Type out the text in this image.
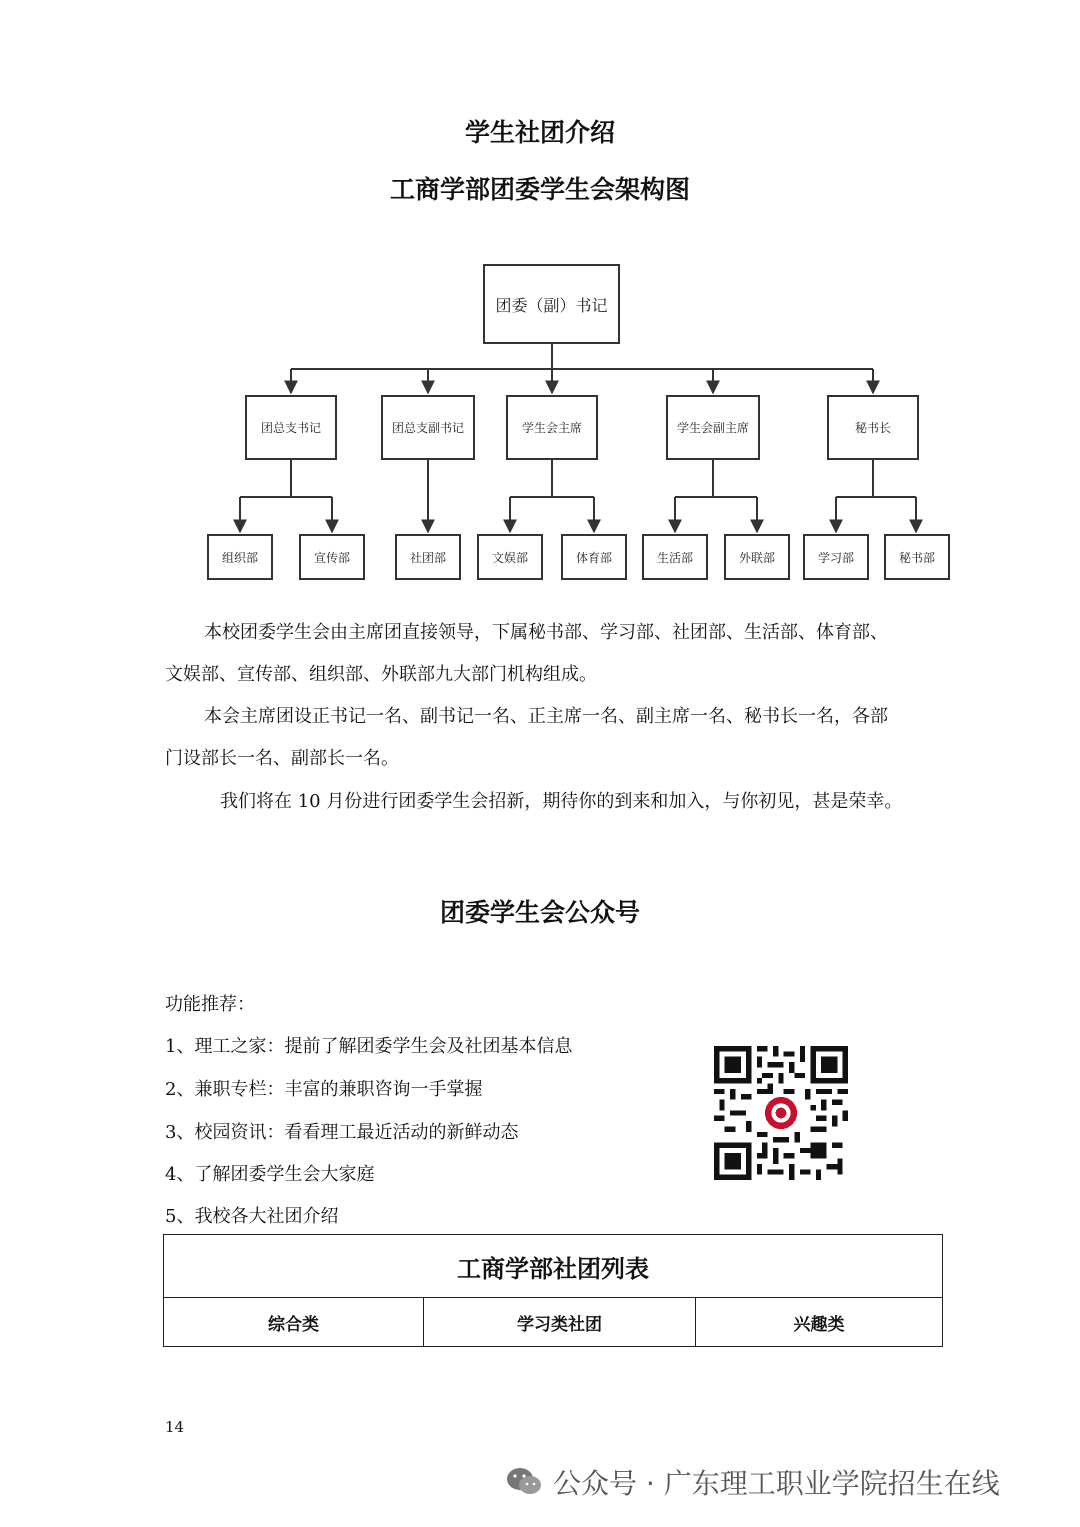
学生社团介绍
工商学部团委学生会架构图
团委（副）书记
团总支书记	团总支副书记	学生会主席	学生会副主席	秘书长
组织部	宣传部	社团部	文娱部	体育部	生活部	外联部	学习部	秘书部
本校团委学生会由主席团直接领导，下属秘书部、学习部、社团部、生活部、体育部、
文娱部、宣传部、组织部、外联部九大部门机构组成。
本会主席团设正书记一名、副书记一名、正主席一名、副主席一名、秘书长一名，各部
门设部长一名、副部长一名。
我们将在 10 月份进行团委学生会招新，期待你的到来和加入，与你初见，甚是荣幸。
团委学生会公众号
功能推荐：
1、理工之家：提前了解团委学生会及社团基本信息
2、兼职专栏：丰富的兼职咨询一手掌握
3、校园资讯：看看理工最近活动的新鲜动态
4、了解团委学生会大家庭
5、我校各大社团介绍
工商学部社团列表
综合类	学习类社团	兴趣类
14
公众号 · 广东理工职业学院招生在线
